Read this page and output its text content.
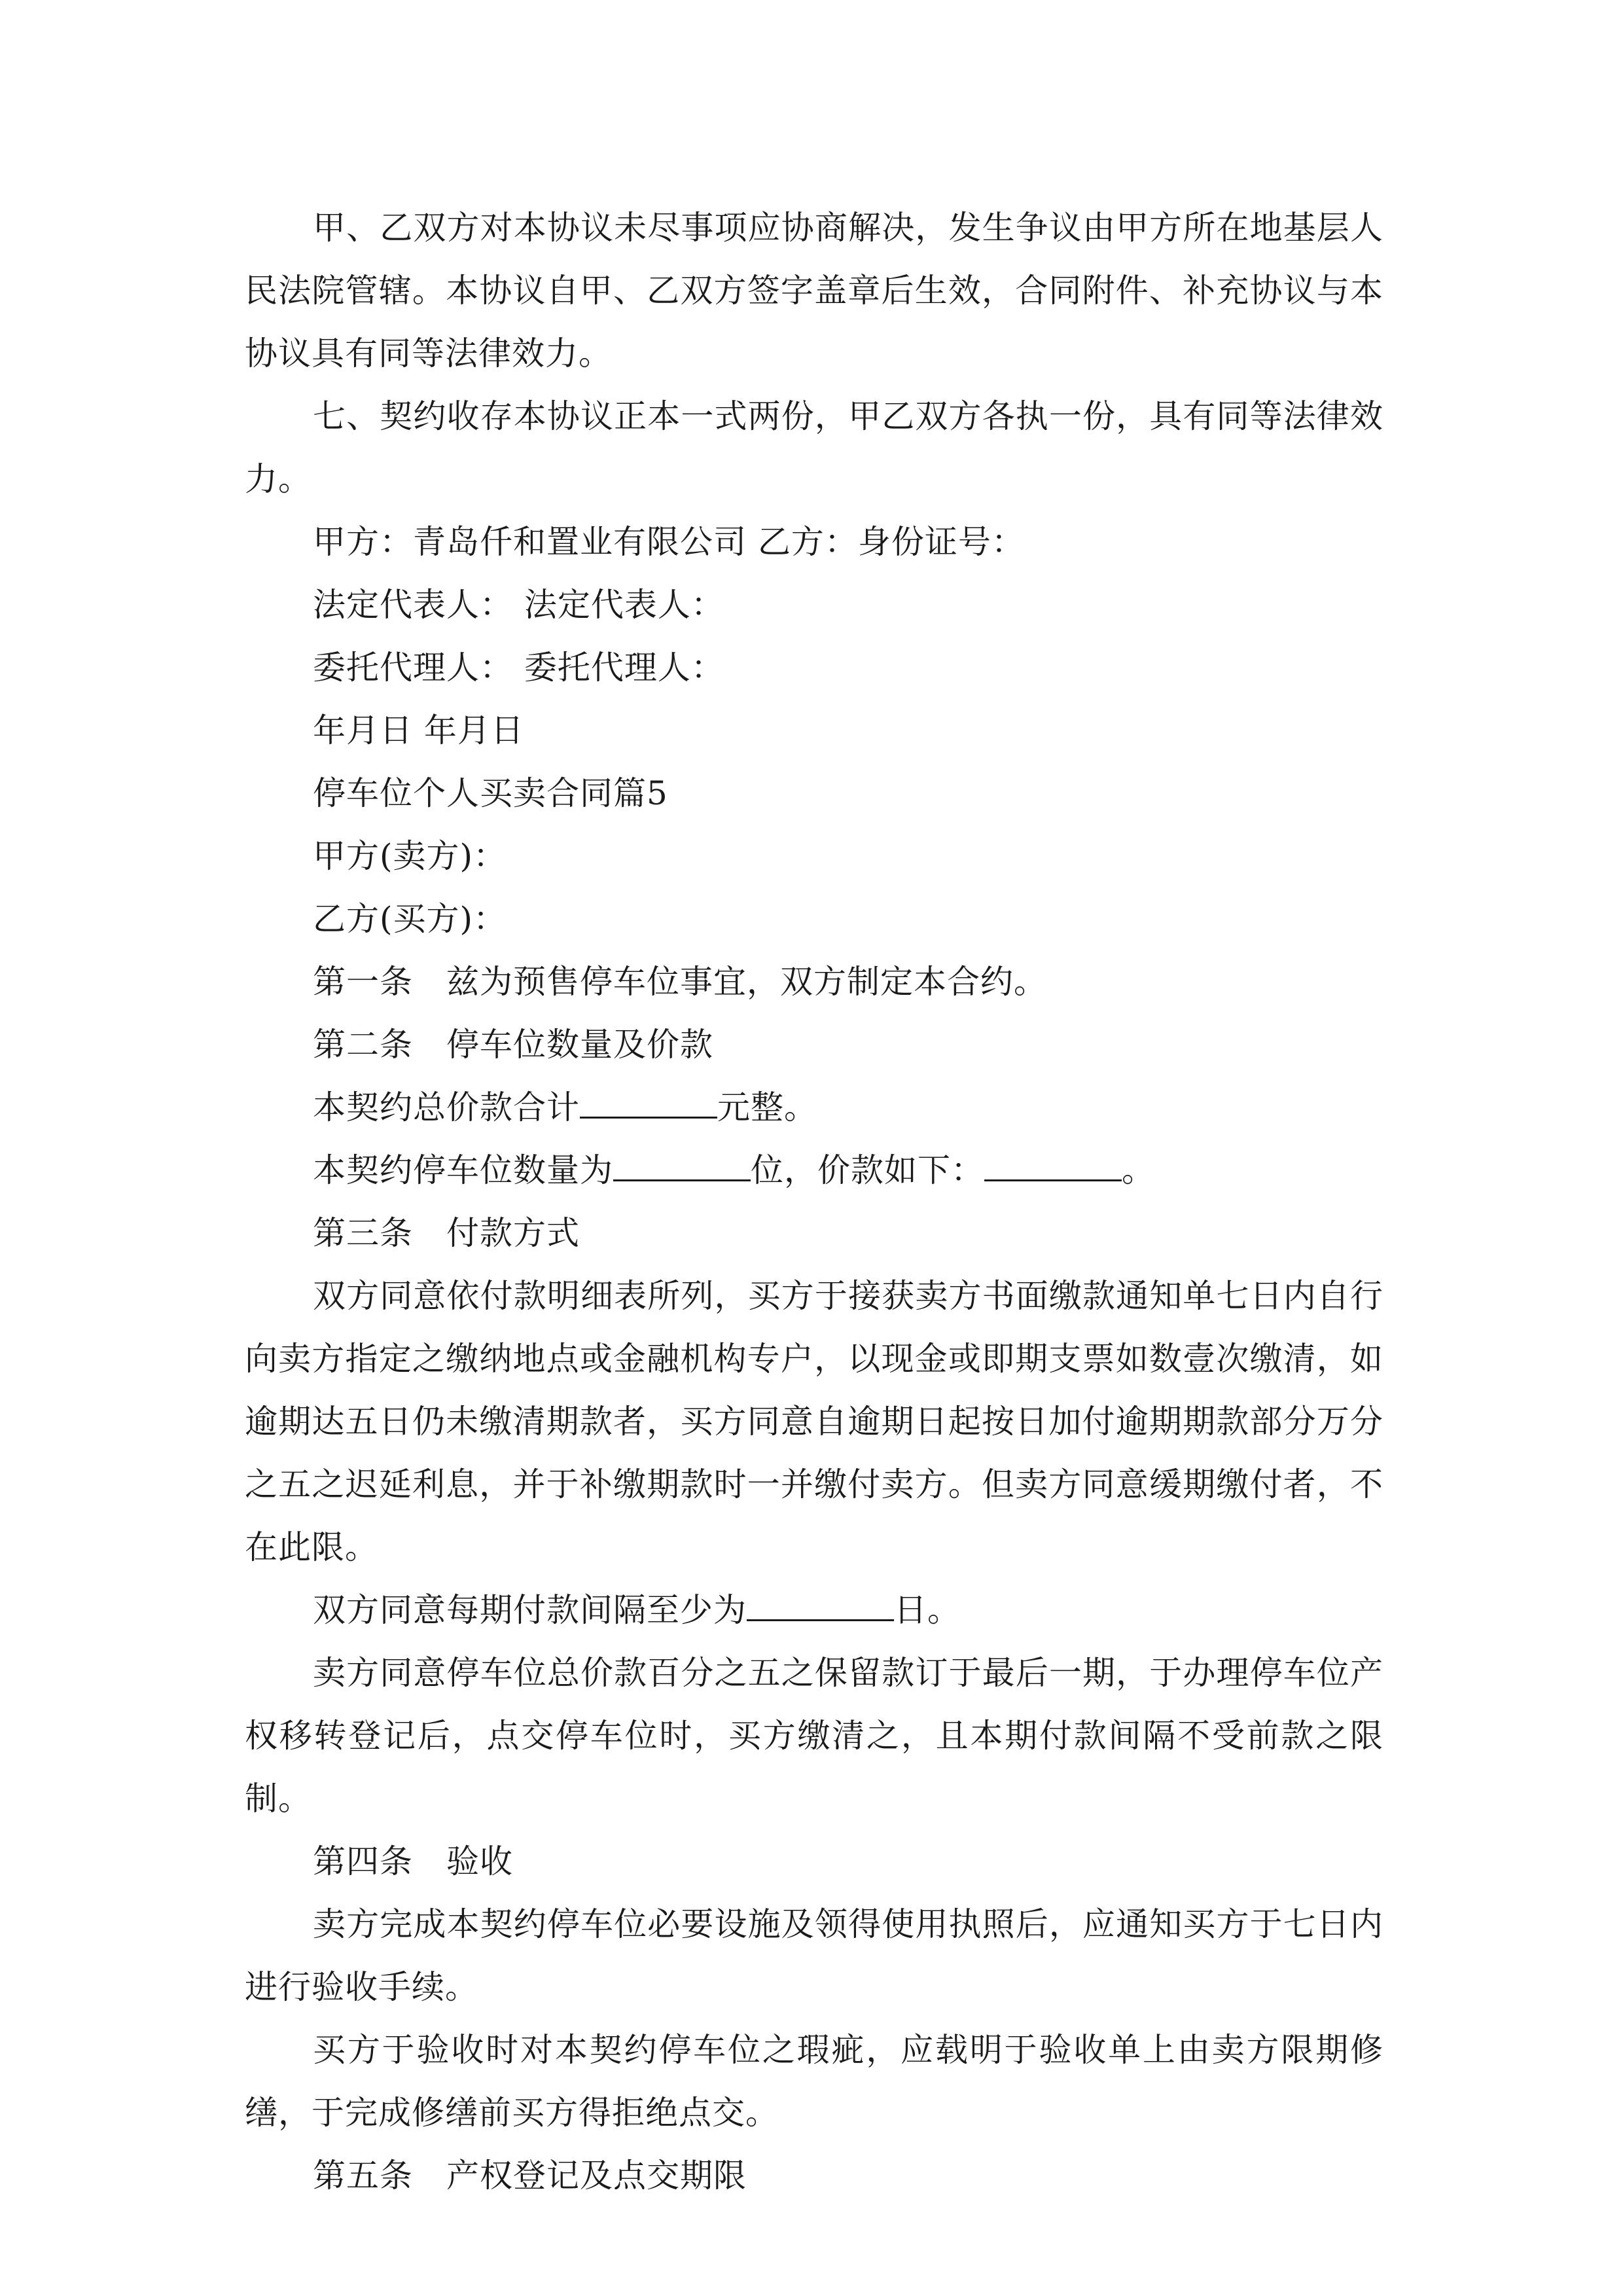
甲、乙双方对本协议未尽事项应协商解决，发生争议由甲方所在地基层人民法院管辖。本协议自甲、乙双方签字盖章后生效，合同附件、补充协议与本协议具有同等法律效力。

七、契约收存本协议正本一式两份，甲乙双方各执一份，具有同等法律效力。

甲方：青岛仟和置业有限公司 乙方：身份证号：

法定代表人： 法定代表人：

委托代理人： 委托代理人：

年月日 年月日

停车位个人买卖合同篇5

甲方(卖方)：

乙方(买方)：

第一条　兹为预售停车位事宜，双方制定本合约。

第二条　停车位数量及价款

本契约总价款合计	元整。

本契约停车位数量为	位，价款如下：	。

第三条　付款方式

双方同意依付款明细表所列，买方于接获卖方书面缴款通知单七日内自行向卖方指定之缴纳地点或金融机构专户，以现金或即期支票如数壹次缴清，如逾期达五日仍未缴清期款者，买方同意自逾期日起按日加付逾期期款部分万分之五之迟延利息，并于补缴期款时一并缴付卖方。但卖方同意缓期缴付者，不在此限。

双方同意每期付款间隔至少为	日。

卖方同意停车位总价款百分之五之保留款订于最后一期，于办理停车位产权移转登记后，点交停车位时，买方缴清之，且本期付款间隔不受前款之限制。

第四条　验收

卖方完成本契约停车位必要设施及领得使用执照后，应通知买方于七日内进行验收手续。

买方于验收时对本契约停车位之瑕疵，应载明于验收单上由卖方限期修缮，于完成修缮前买方得拒绝点交。

第五条　产权登记及点交期限
